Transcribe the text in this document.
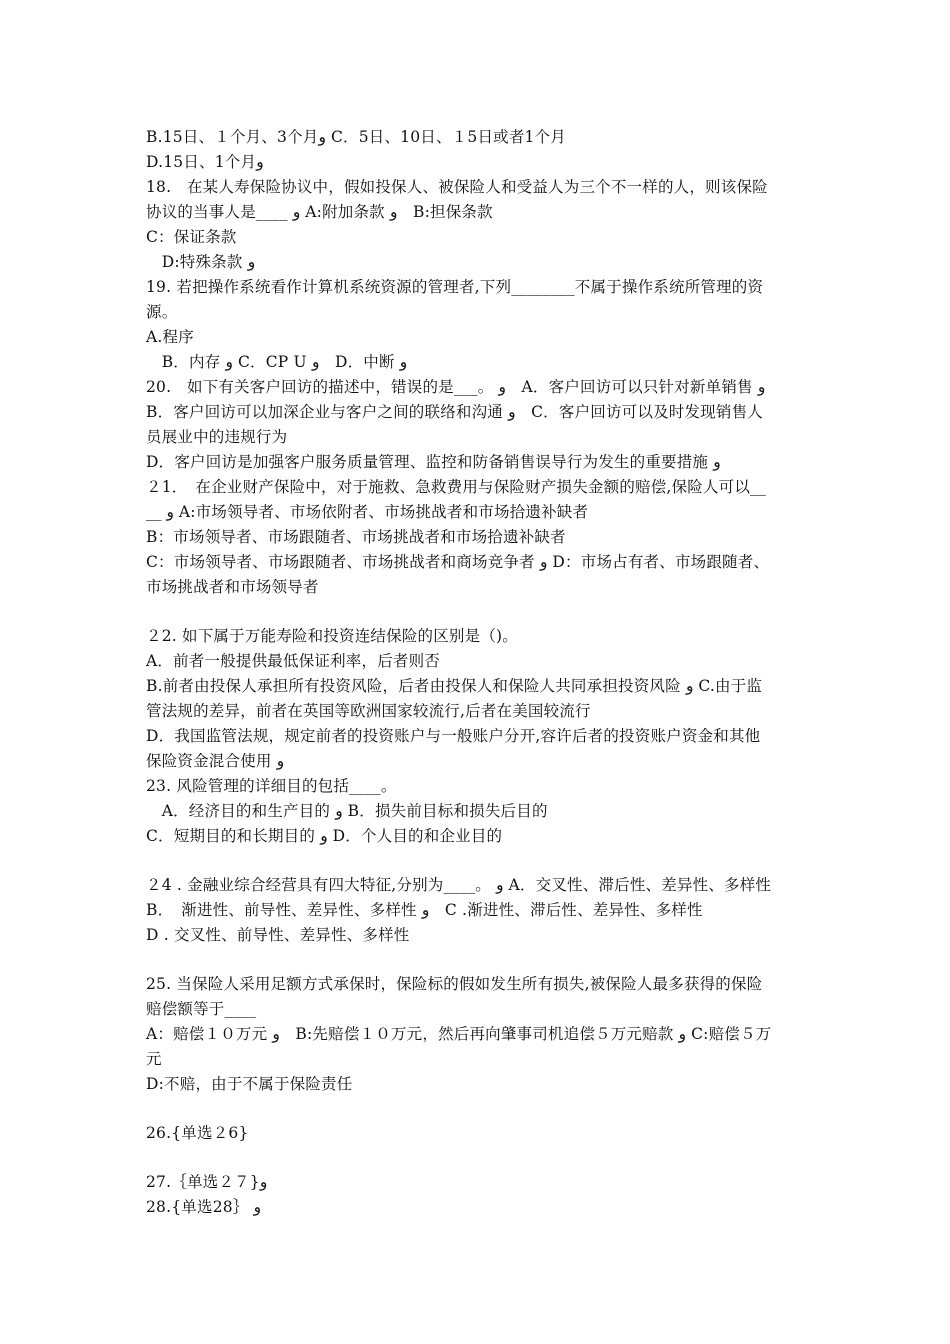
B.15日、１个月、3个月و C．5日、10日、１5日或者1个月
D.15日、1个月و
18.　在某人寿保险协议中，假如投保人、被保险人和受益人为三个不一样的人，则该保险
协议的当事人是____ و A:附加条款 و　B:担保条款
C：保证条款
　D:特殊条款 و
19. 若把操作系统看作计算机系统资源的管理者,下列________不属于操作系统所管理的资
源。
A.程序
　B．内存 و C．CP U و　D．中断 و
20.　如下有关客户回访的描述中，错误的是___。 و　A．客户回访可以只针对新单销售 و
B．客户回访可以加深企业与客户之间的联络和沟通 و　C．客户回访可以及时发现销售人
员展业中的违规行为
D．客户回访是加强客户服务质量管理、监控和防备销售误导行为发生的重要措施 و
２1．　在企业财产保险中，对于施救、急救费用与保险财产损失金额的赔偿,保险人可以__
__ و A:市场领导者、市场依附者、市场挑战者和市场拾遗补缺者
B：市场领导者、市场跟随者、市场挑战者和市场拾遗补缺者
C：市场领导者、市场跟随者、市场挑战者和商场竞争者 و D：市场占有者、市场跟随者、
市场挑战者和市场领导者
２2. 如下属于万能寿险和投资连结保险的区别是（)。
A．前者一般提供最低保证利率，后者则否
B.前者由投保人承担所有投资风险，后者由投保人和保险人共同承担投资风险 و C.由于监
管法规的差异，前者在英国等欧洲国家较流行,后者在美国较流行
D．我国监管法规，规定前者的投资账户与一般账户分开,容许后者的投资账户资金和其他
保险资金混合使用 و
23. 风险管理的详细目的包括____。
　A．经济目的和生产目的 و B．损失前目标和损失后目的
C．短期目的和长期目的 و D．个人目的和企业目的
２4 . 金融业综合经营具有四大特征,分别为____。 و A．交叉性、滞后性、差异性、多样性
B．　渐进性、前导性、差异性、多样性 و　C .渐进性、滞后性、差异性、多样性
D . 交叉性、前导性、差异性、多样性
25. 当保险人采用足额方式承保时，保险标的假如发生所有损失,被保险人最多获得的保险
赔偿额等于____
A：赔偿１０万元 و　B:先赔偿１０万元，然后再向肇事司机追偿５万元赔款 و C:赔偿５万
元
D:不赔，由于不属于保险责任
26.{单选２6}
27.｛单选２７}و
28.{单选28｝ و
